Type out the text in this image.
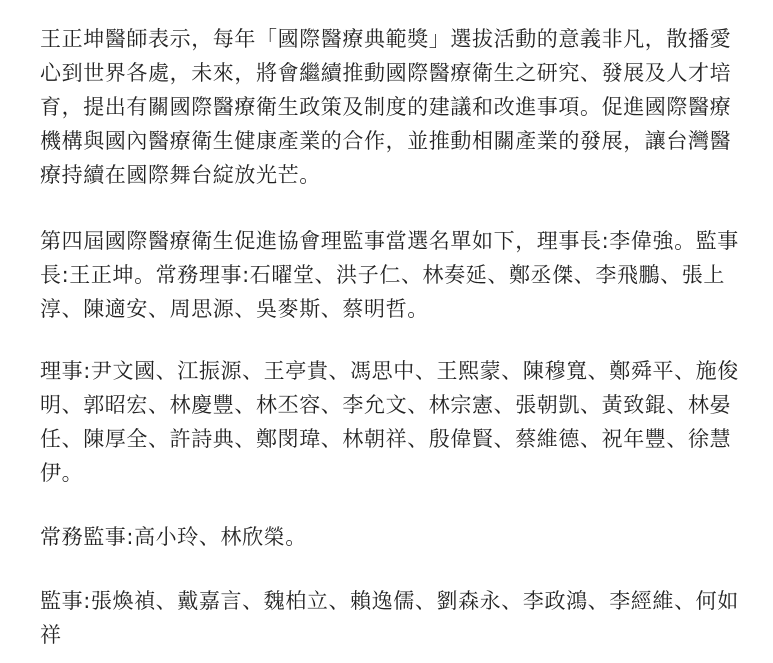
王正坤醫師表示，每年「國際醫療典範獎」選拔活動的意義非凡，散播愛心到世界各處，未來，將會繼續推動國際醫療衛生之研究、發展及人才培育，提出有關國際醫療衛生政策及制度的建議和改進事項。促進國際醫療機構與國內醫療衛生健康產業的合作，並推動相關產業的發展，讓台灣醫療持續在國際舞台綻放光芒。

第四屆國際醫療衛生促進協會理監事當選名單如下，理事長:李偉強。監事長:王正坤。常務理事:石曜堂、洪子仁、林奏延、鄭丞傑、李飛鵬、張上淳、陳適安、周思源、吳麥斯、蔡明哲。

理事:尹文國、江振源、王亭貴、馮思中、王熙蒙、陳穆寬、鄭舜平、施俊明、郭昭宏、林慶豐、林丕容、李允文、林宗憲、張朝凱、黃致錕、林晏任、陳厚全、許詩典、鄭閔瑋、林朝祥、殷偉賢、蔡維德、祝年豐、徐慧伊。

常務監事:高小玲、林欣榮。

監事:張煥禎、戴嘉言、魏柏立、賴逸儒、劉森永、李政鴻、李經維、何如祥
